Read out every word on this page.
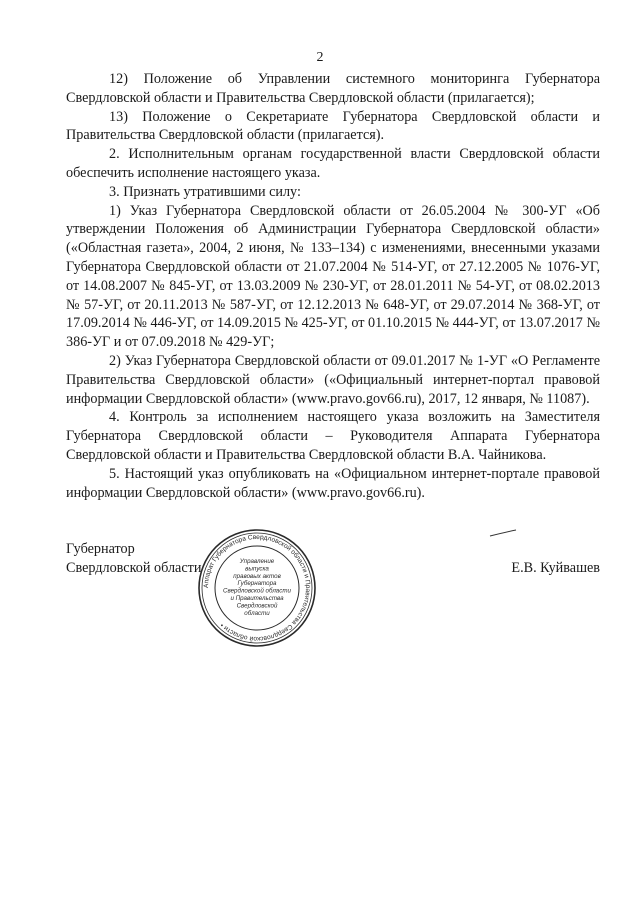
2

12) Положение об Управлении системного мониторинга Губернатора Свердловской области и Правительства Свердловской области (прилагается);

13) Положение о Секретариате Губернатора Свердловской области и Правительства Свердловской области (прилагается).

2. Исполнительным органам государственной власти Свердловской области обеспечить исполнение настоящего указа.

3. Признать утратившими силу:

1) Указ Губернатора Свердловской области от 26.05.2004 № 300-УГ «Об утверждении Положения об Администрации Губернатора Свердловской области» («Областная газета», 2004, 2 июня, № 133–134) с изменениями, внесенными указами Губернатора Свердловской области от 21.07.2004 № 514-УГ, от 27.12.2005 № 1076-УГ, от 14.08.2007 № 845-УГ, от 13.03.2009 № 230-УГ, от 28.01.2011 № 54-УГ, от 08.02.2013 № 57-УГ, от 20.11.2013 № 587-УГ, от 12.12.2013 № 648-УГ, от 29.07.2014 № 368-УГ, от 17.09.2014 № 446-УГ, от 14.09.2015 № 425-УГ, от 01.10.2015 № 444-УГ, от 13.07.2017 № 386-УГ и от 07.09.2018 № 429-УГ;

2) Указ Губернатора Свердловской области от 09.01.2017 № 1-УГ «О Регламенте Правительства Свердловской области» («Официальный интернет-портал правовой информации Свердловской области» (www.pravo.gov66.ru), 2017, 12 января, № 11087).

4. Контроль за исполнением настоящего указа возложить на Заместителя Губернатора Свердловской области – Руководителя Аппарата Губернатора Свердловской области и Правительства Свердловской области В.А. Чайникова.

5. Настоящий указ опубликовать на «Официальном интернет-портале правовой информации Свердловской области» (www.pravo.gov66.ru).

Губернатор
Свердловской области	Е.В. Куйвашев
Аппарат Губернатора Свердловской области и Правительства Свердловской области •
Управление
выпуска
правовых актов
Губернатора
Свердловской области
и Правительства
Свердловской
области
